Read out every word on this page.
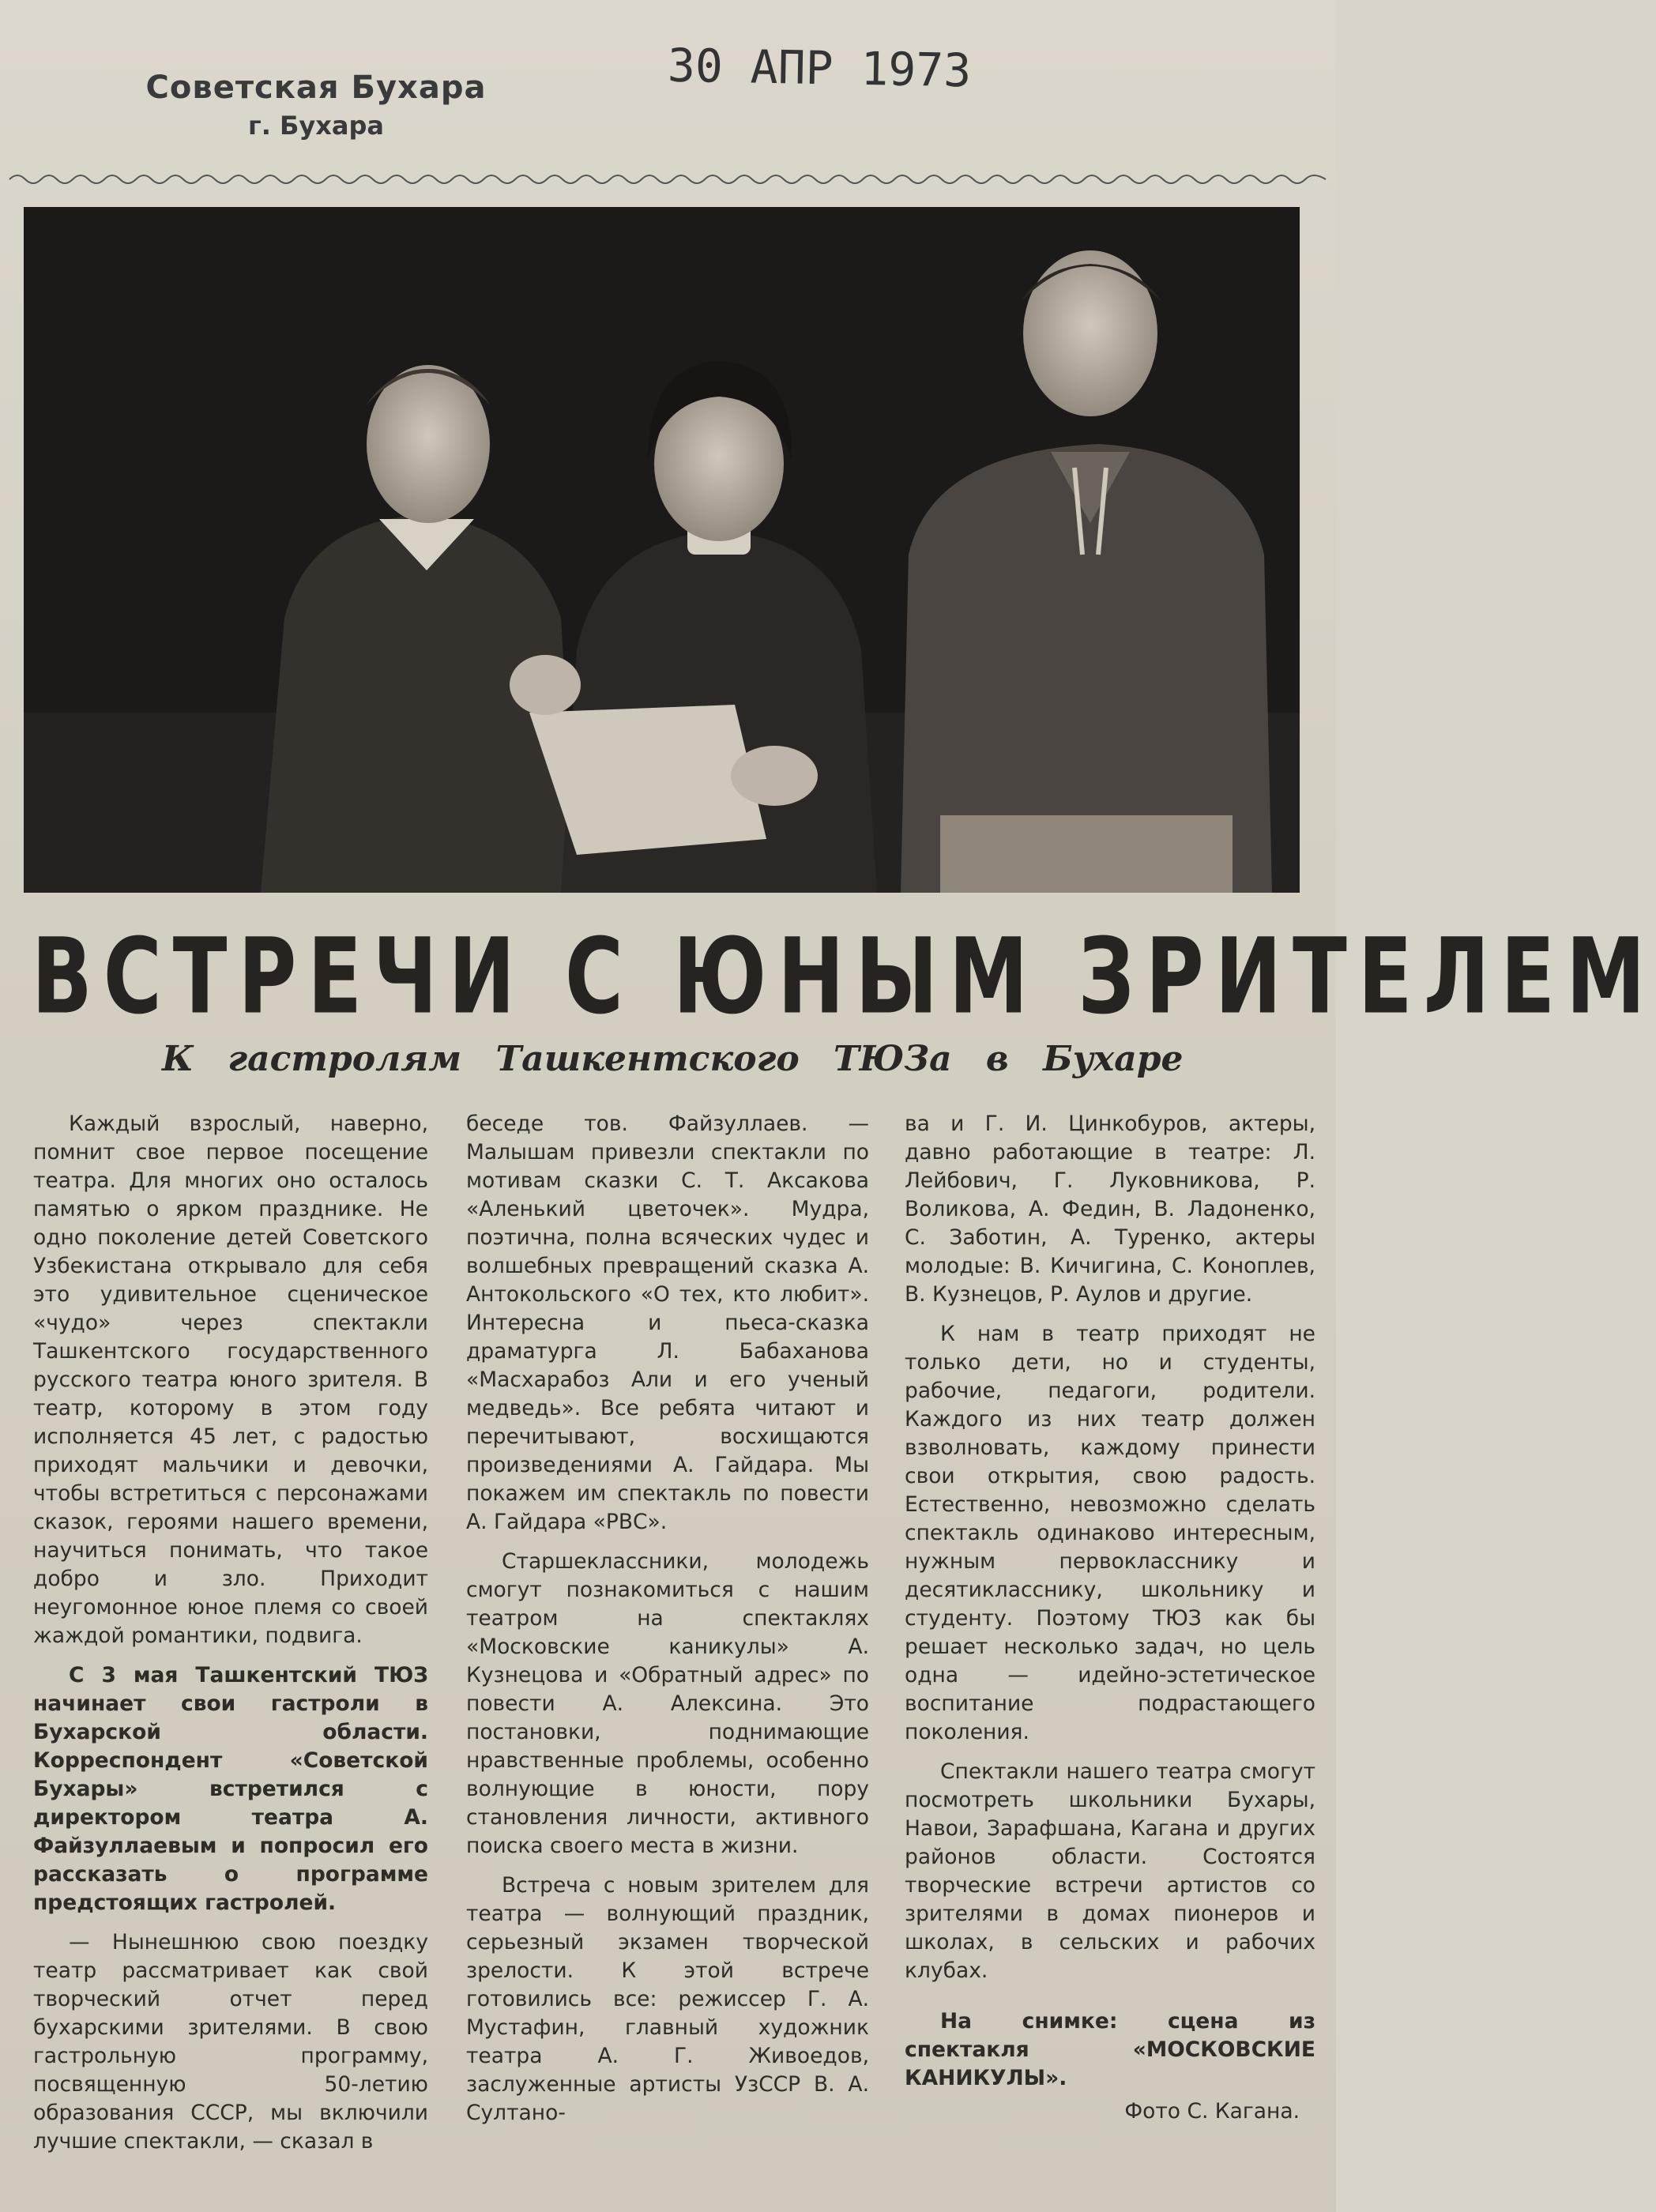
Советская Бухара
г. Бухара
30 АПР 1973
ВСТРЕЧИ С ЮНЫМ ЗРИТЕЛЕМ
К гастролям Ташкентского ТЮЗа в Бухаре

Каждый взрослый, наверно, помнит свое первое посещение театра. Для многих оно осталось памятью о ярком празднике. Не одно поколение детей Советского Узбекистана открывало для себя это удивительное сценическое «чудо» через спектакли Ташкентского государственного русского театра юного зрителя. В театр, которому в этом году исполняется 45 лет, с радостью приходят мальчики и девочки, чтобы встретиться с персонажами сказок, героями нашего времени, научиться понимать, что такое добро и зло. Приходит неугомонное юное племя со своей жаждой романтики, подвига.

С 3 мая Ташкентский ТЮЗ начинает свои гастроли в Бухарской области. Корреспондент «Советской Бухары» встретился с директором театра А. Файзуллаевым и попросил его рассказать о программе предстоящих гастролей.

— Нынешнюю свою поездку театр рассматривает как свой творческий отчет перед бухарскими зрителями. В свою гастрольную программу, посвященную 50-летию образования СССР, мы включили лучшие спектакли, — сказал в

беседе тов. Файзуллаев. — Малышам привезли спектакли по мотивам сказки С. Т. Аксакова «Аленький цветочек». Мудра, поэтична, полна всяческих чудес и волшебных превращений сказка А. Антокольского «О тех, кто любит». Интересна и пьеса-сказка драматурга Л. Бабаханова «Масхарабоз Али и его ученый медведь». Все ребята читают и перечитывают, восхищаются произведениями А. Гайдара. Мы покажем им спектакль по повести А. Гайдара «РВС».

Старшеклассники, молодежь смогут познакомиться с нашим театром на спектаклях «Московские каникулы» А. Кузнецова и «Обратный адрес» по повести А. Алексина. Это постановки, поднимающие нравственные проблемы, особенно волнующие в юности, пору становления личности, активного поиска своего места в жизни.

Встреча с новым зрителем для театра — волнующий праздник, серьезный экзамен творческой зрелости. К этой встрече готовились все: режиссер Г. А. Мустафин, главный художник театра А. Г. Живоедов, заслуженные артисты УзССР В. А. Султано-

ва и Г. И. Цинкобуров, актеры, давно работающие в театре: Л. Лейбович, Г. Луковникова, Р. Воликова, А. Федин, В. Ладоненко, С. Заботин, А. Туренко, актеры молодые: В. Кичигина, С. Коноплев, В. Кузнецов, Р. Аулов и другие.

К нам в театр приходят не только дети, но и студенты, рабочие, педагоги, родители. Каждого из них театр должен взволновать, каждому принести свои открытия, свою радость. Естественно, невозможно сделать спектакль одинаково интересным, нужным первокласснику и десятикласснику, школьнику и студенту. Поэтому ТЮЗ как бы решает несколько задач, но цель одна — идейно-эстетическое воспитание подрастающего поколения.

Спектакли нашего театра смогут посмотреть школьники Бухары, Навои, Зарафшана, Кагана и других районов области. Состоятся творческие встречи артистов со зрителями в домах пионеров и школах, в сельских и рабочих клубах.

На снимке: сцена из спектакля «МОСКОВСКИЕ КАНИКУЛЫ».
Фото С. Кагана.
